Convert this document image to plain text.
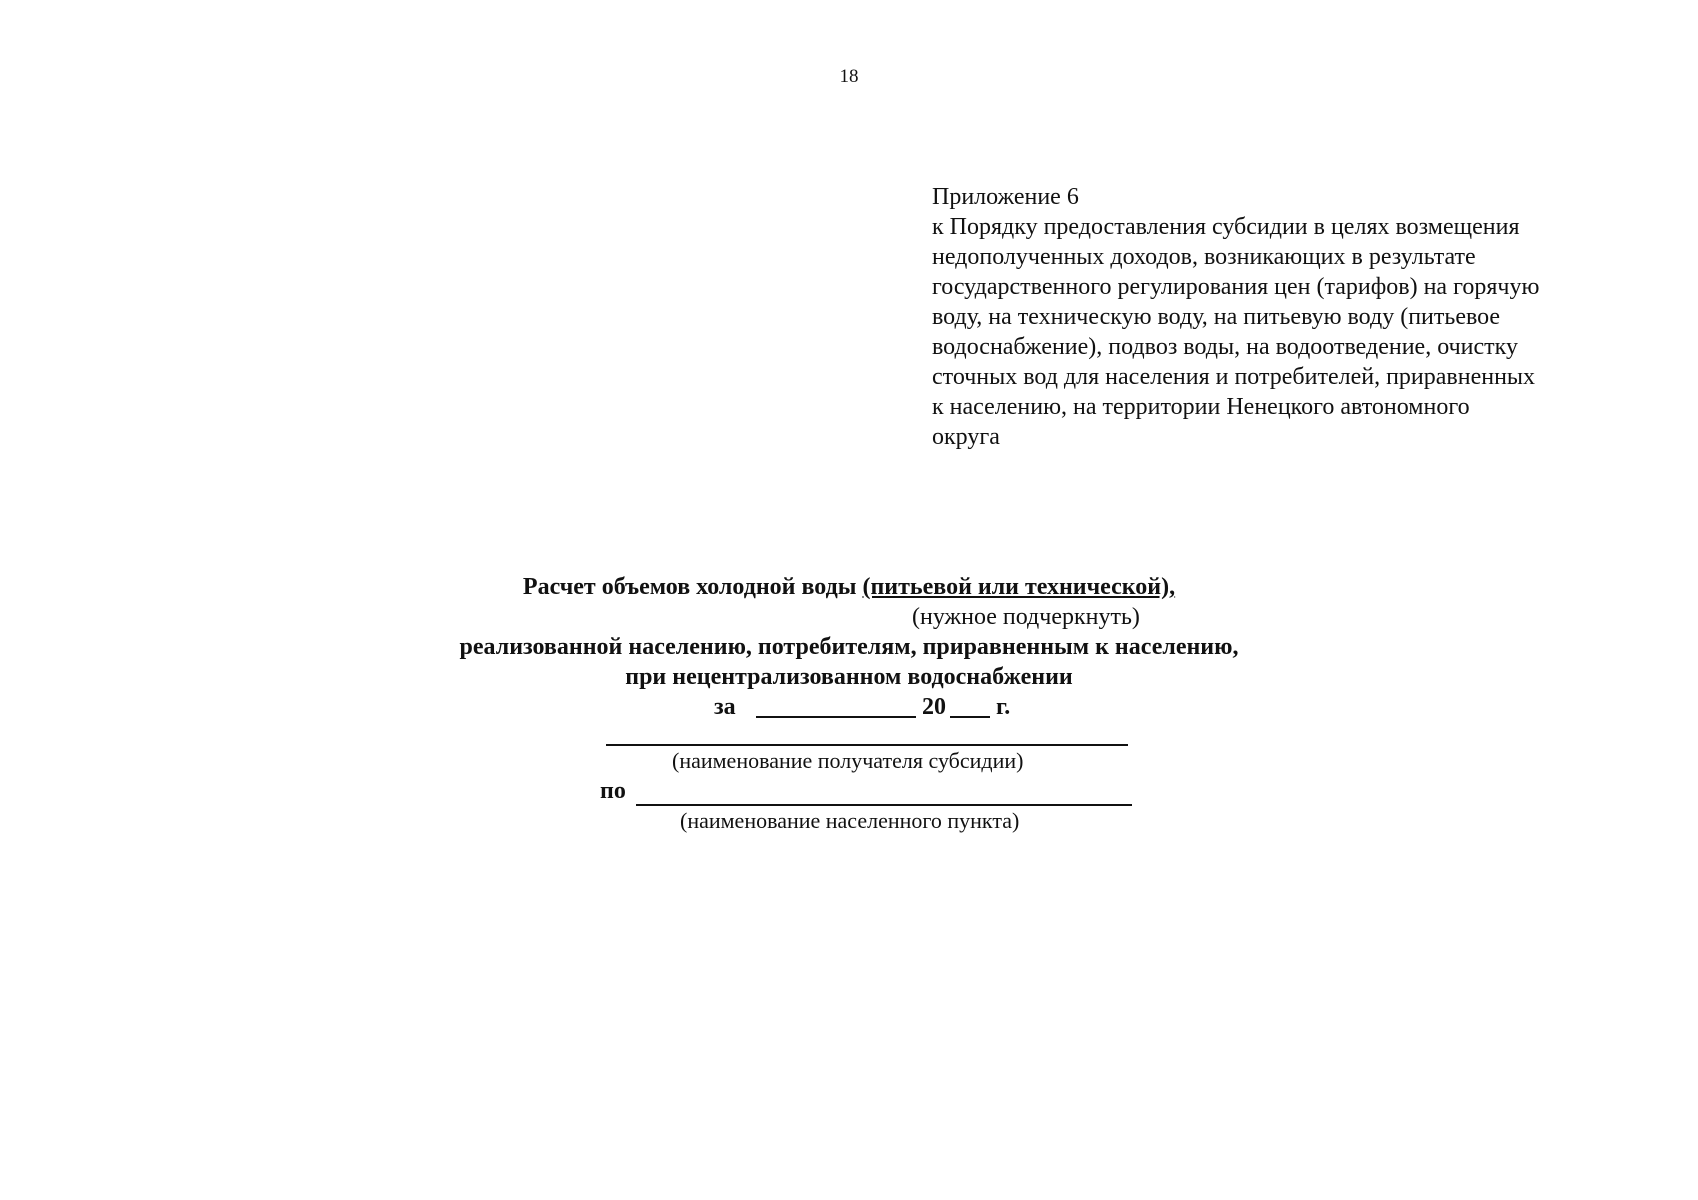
18
Приложение 6
к Порядку предоставления субсидии в целях возмещения
недополученных доходов, возникающих в результате
государственного регулирования цен (тарифов) на горячую
воду, на техническую воду, на питьевую воду (питьевое
водоснабжение), подвоз воды, на водоотведение, очистку
сточных вод для населения и потребителей, приравненных
к населению, на территории Ненецкого автономного
округа
Расчет объемов холодной воды (питьевой или технической),
(нужное подчеркнуть)
реализованной населению, потребителям, приравненным к населению,
при нецентрализованном водоснабжении
за	20 г.
(наименование получателя субсидии)
по
(наименование населенного пункта)
